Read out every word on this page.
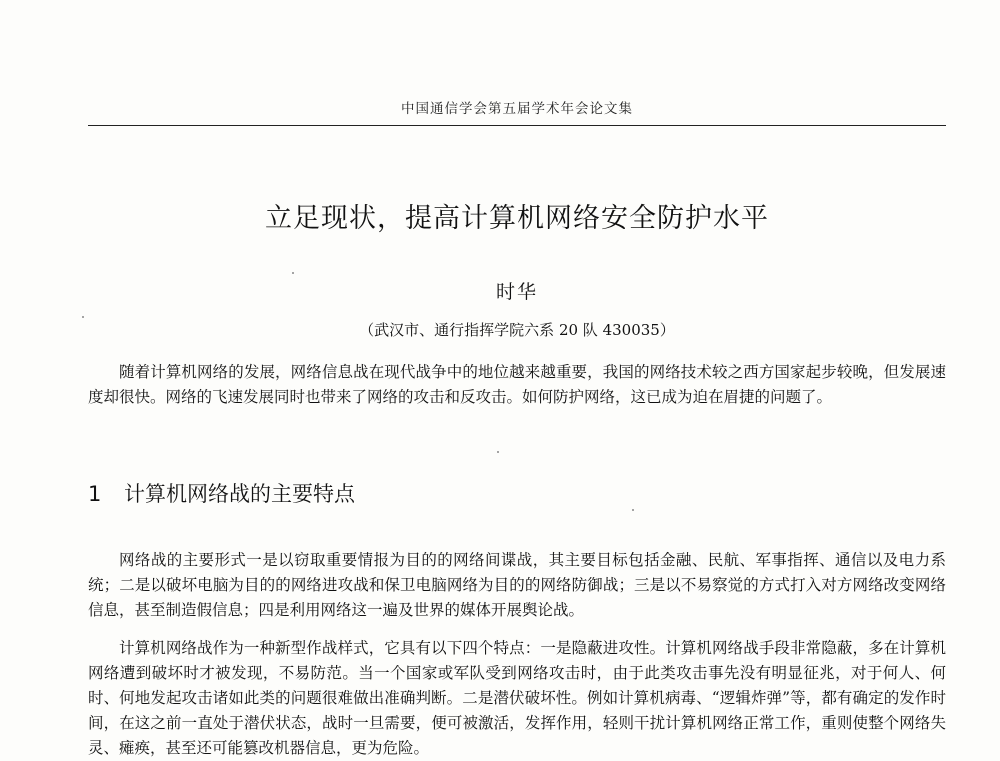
中国通信学会第五届学术年会论文集
立足现状，提高计算机网络安全防护水平
时华
（武汉市、通行指挥学院六系 20 队 430035）

随着计算机网络的发展，网络信息战在现代战争中的地位越来越重要，我国的网络技术较之西方国家起步较晚，但发展速度却很快。网络的飞速发展同时也带来了网络的攻击和反攻击。如何防护网络，这已成为迫在眉捷的问题了。

1 计算机网络战的主要特点

网络战的主要形式一是以窃取重要情报为目的的网络间谍战，其主要目标包括金融、民航、军事指挥、通信以及电力系统；二是以破坏电脑为目的的网络进攻战和保卫电脑网络为目的的网络防御战；三是以不易察觉的方式打入对方网络改变网络信息，甚至制造假信息；四是利用网络这一遍及世界的媒体开展舆论战。

计算机网络战作为一种新型作战样式，它具有以下四个特点：一是隐蔽进攻性。计算机网络战手段非常隐蔽，多在计算机网络遭到破坏时才被发现，不易防范。当一个国家或军队受到网络攻击时，由于此类攻击事先没有明显征兆，对于何人、何时、何地发起攻击诸如此类的问题很难做出准确判断。二是潜伏破坏性。例如计算机病毒、“逻辑炸弹”等，都有确定的发作时间，在这之前一直处于潜伏状态，战时一旦需要，便可被激活，发挥作用，轻则干扰计算机网络正常工作，重则使整个网络失灵、瘫痪，甚至还可能篡改机器信息，更为危险。
